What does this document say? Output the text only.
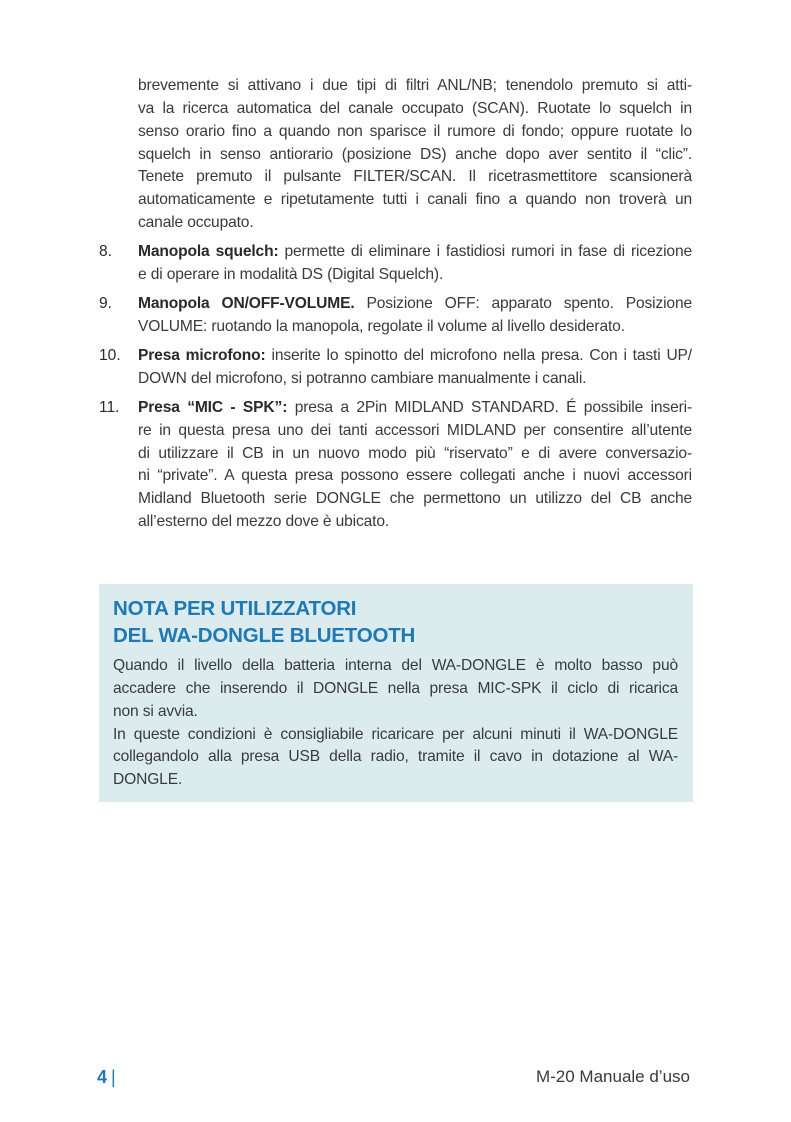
brevemente si attivano i due tipi di filtri ANL/NB; tenendolo premuto si atti-
va la ricerca automatica del canale occupato (SCAN). Ruotate lo squelch in
senso orario fino a quando non sparisce il rumore di fondo; oppure ruotate lo
squelch in senso antiorario (posizione DS) anche dopo aver sentito il “clic”.
Tenete premuto il pulsante FILTER/SCAN. Il ricetrasmettitore scansionerà
automaticamente e ripetutamente tutti i canali fino a quando non troverà un
canale occupato.
8. Manopola squelch: permette di eliminare i fastidiosi rumori in fase di ricezione
e di operare in modalità DS (Digital Squelch).
9. Manopola ON/OFF-VOLUME. Posizione OFF: apparato spento. Posizione
VOLUME: ruotando la manopola, regolate il volume al livello desiderato.
10. Presa microfono: inserite lo spinotto del microfono nella presa. Con i tasti UP/
DOWN del microfono, si potranno cambiare manualmente i canali.
11. Presa “MIC - SPK”: presa a 2Pin MIDLAND STANDARD. É possibile inseri-
re in questa presa uno dei tanti accessori MIDLAND per consentire all’utente
di utilizzare il CB in un nuovo modo più “riservato” e di avere conversazio-
ni “private”. A questa presa possono essere collegati anche i nuovi accessori
Midland Bluetooth serie DONGLE che permettono un utilizzo del CB anche
all’esterno del mezzo dove è ubicato.
NOTA PER UTILIZZATORI
DEL WA-DONGLE BLUETOOTH
Quando il livello della batteria interna del WA-DONGLE è molto basso può
accadere che inserendo il DONGLE nella presa MIC-SPK il ciclo di ricarica
non si avvia.
In queste condizioni è consigliabile ricaricare per alcuni minuti il WA-DONGLE
collegandolo alla presa USB della radio, tramite il cavo in dotazione al WA-
DONGLE.
4 |	M-20 Manuale d’uso
